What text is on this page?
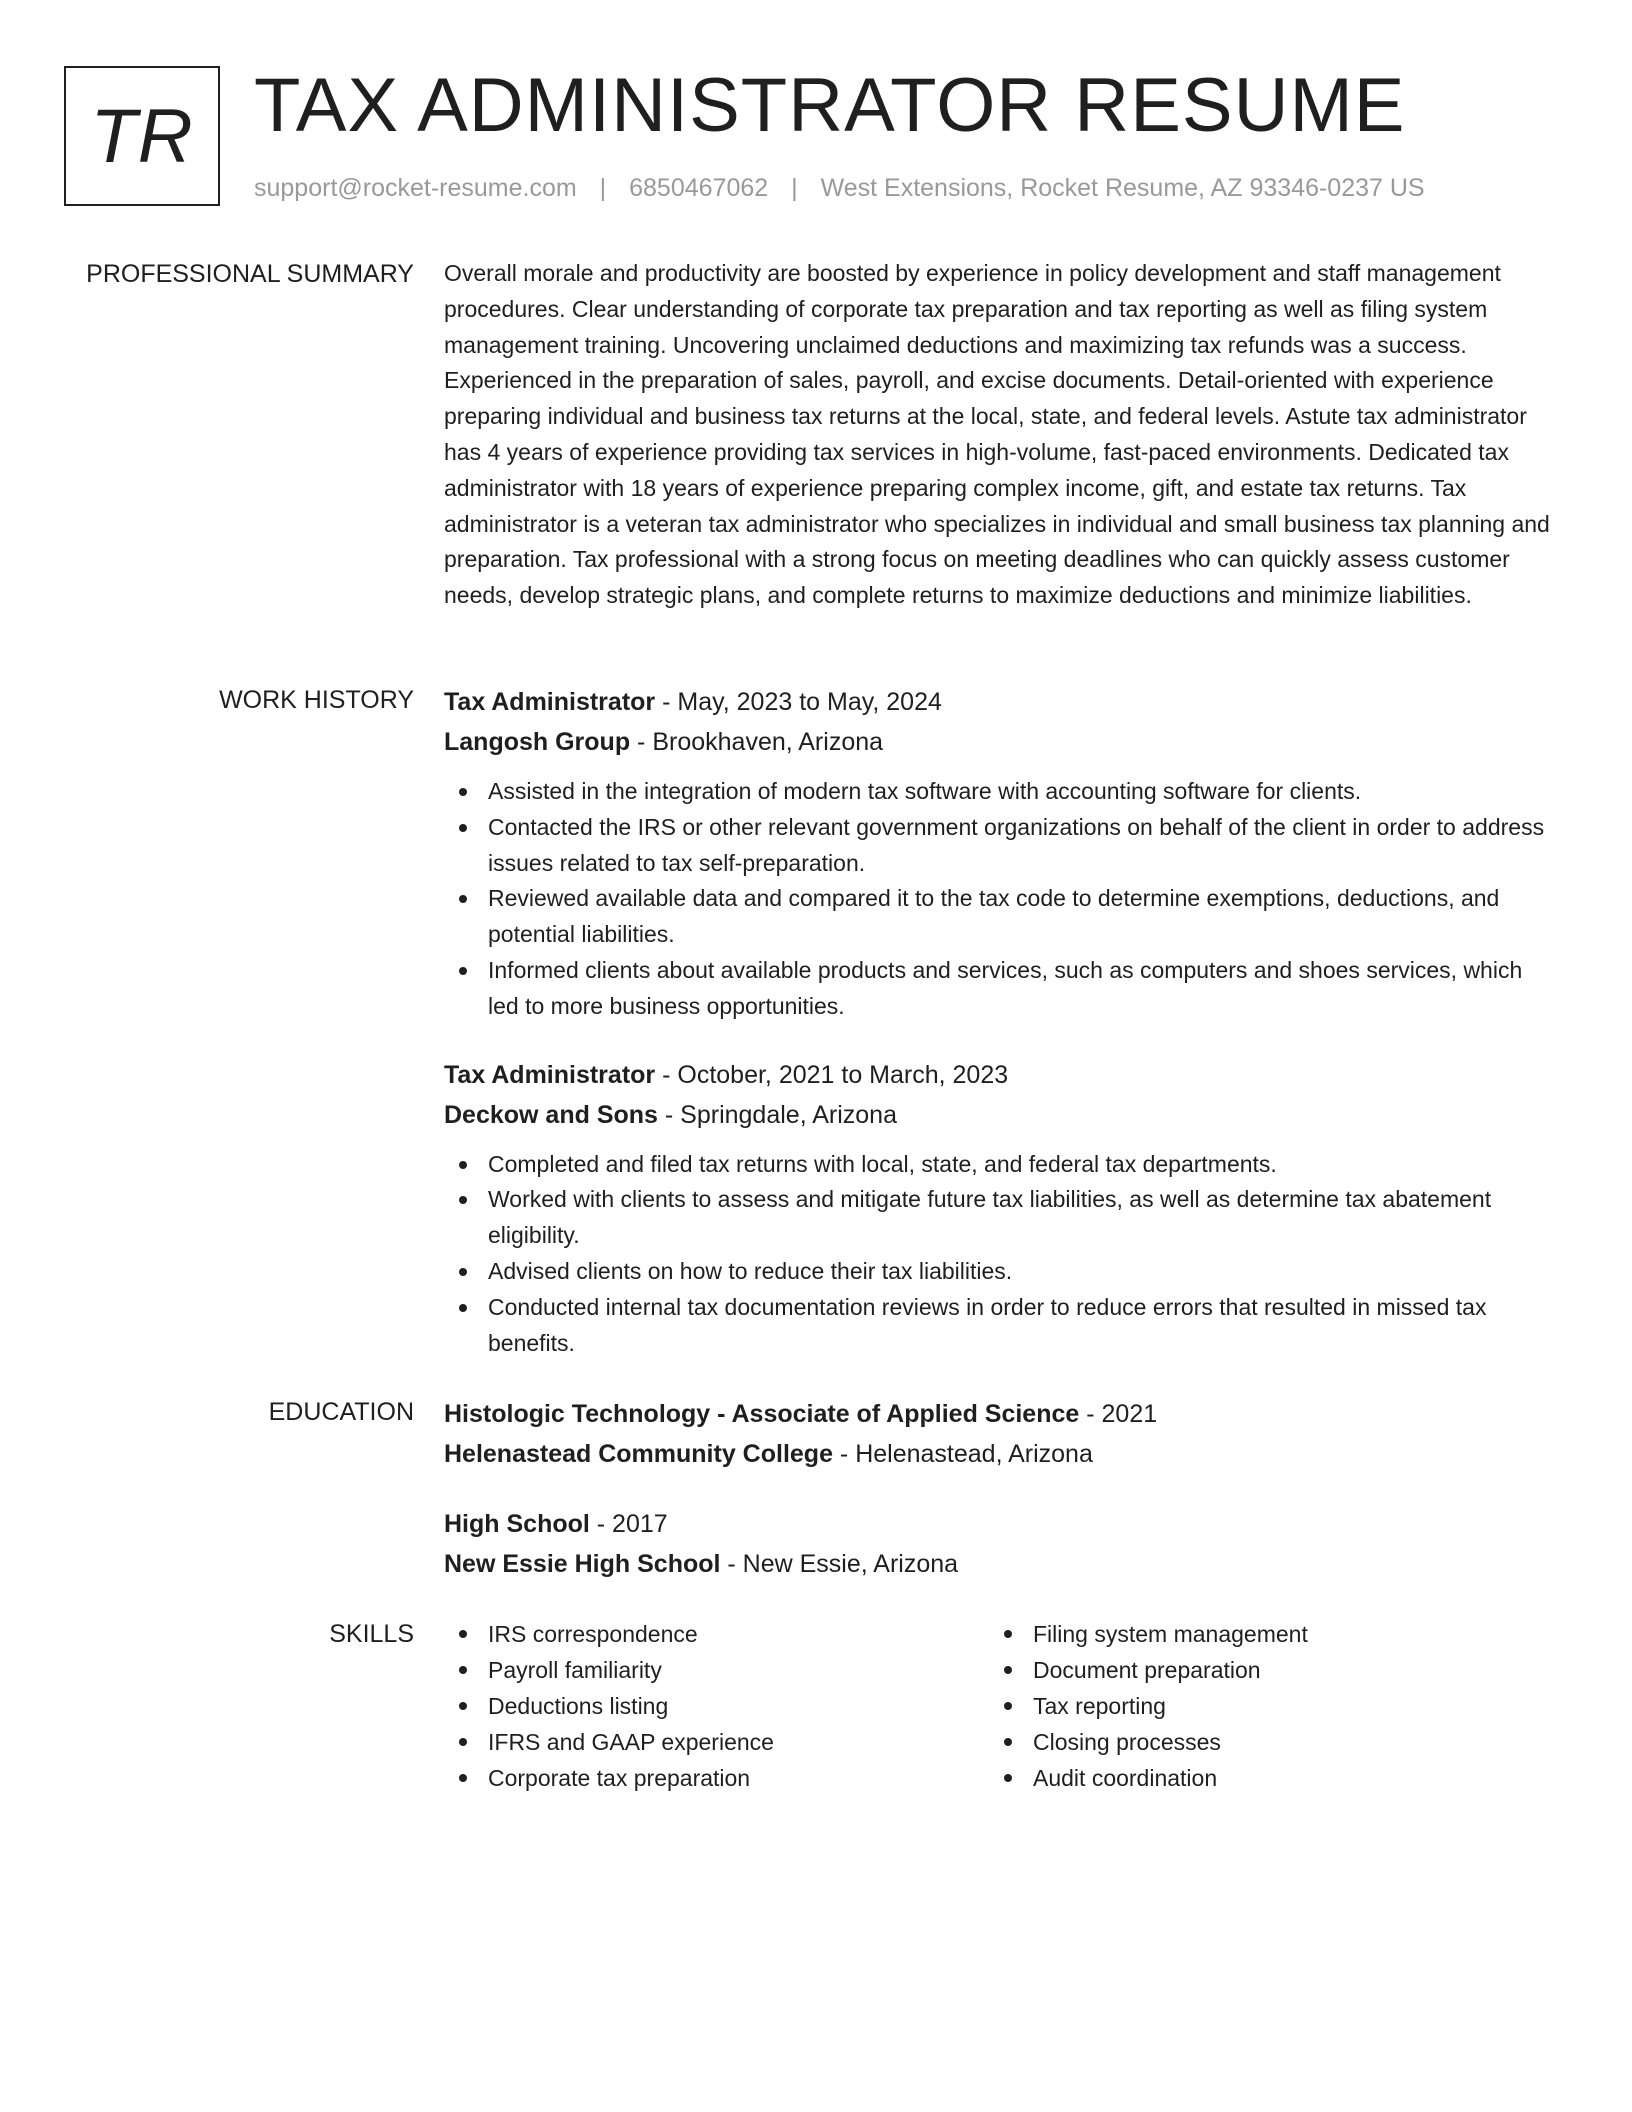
TR TAX ADMINISTRATOR RESUME
support@rocket-resume.com | 6850467062 | West Extensions, Rocket Resume, AZ 93346-0237 US
PROFESSIONAL SUMMARY Overall morale and productivity are boosted by experience in policy development and staff management procedures. Clear understanding of corporate tax preparation and tax reporting as well as filing system management training. Uncovering unclaimed deductions and maximizing tax refunds was a success. Experienced in the preparation of sales, payroll, and excise documents. Detail-oriented with experience preparing individual and business tax returns at the local, state, and federal levels. Astute tax administrator has 4 years of experience providing tax services in high-volume, fast-paced environments. Dedicated tax administrator with 18 years of experience preparing complex income, gift, and estate tax returns. Tax administrator is a veteran tax administrator who specializes in individual and small business tax planning and preparation. Tax professional with a strong focus on meeting deadlines who can quickly assess customer needs, develop strategic plans, and complete returns to maximize deductions and minimize liabilities.

WORK HISTORY Tax Administrator - May, 2023 to May, 2024
Langosh Group - Brookhaven, Arizona
Assisted in the integration of modern tax software with accounting software for clients.
Contacted the IRS or other relevant government organizations on behalf of the client in order to address issues related to tax self-preparation.
Reviewed available data and compared it to the tax code to determine exemptions, deductions, and potential liabilities.
Informed clients about available products and services, such as computers and shoes services, which led to more business opportunities.
Tax Administrator - October, 2021 to March, 2023
Deckow and Sons - Springdale, Arizona
Completed and filed tax returns with local, state, and federal tax departments.
Worked with clients to assess and mitigate future tax liabilities, as well as determine tax abatement eligibility.
Advised clients on how to reduce their tax liabilities.
Conducted internal tax documentation reviews in order to reduce errors that resulted in missed tax benefits.
EDUCATION Histologic Technology - Associate of Applied Science - 2021
Helenastead Community College - Helenastead, Arizona
High School - 2017
New Essie High School - New Essie, Arizona
SKILLS	IRS correspondence
Payroll familiarity
Deductions listing
IFRS and GAAP experience
Corporate tax preparation
Filing system management
Document preparation
Tax reporting
Closing processes
Audit coordination
